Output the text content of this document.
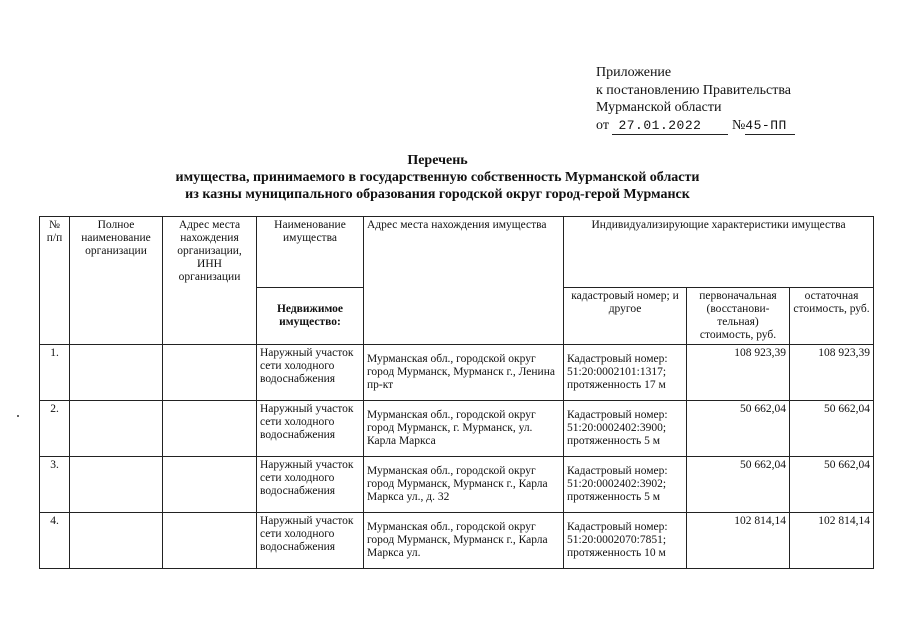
Приложение
к постановлению Правительства
Мурманской области
от 27.01.2022 №45-ПП
Перечень
имущества, принимаемого в государственную собственность Мурманской области
из казны муниципального образования городской округ город-герой Мурманск
№ п/п	Полное наименование организации	Адрес места нахождения организации, ИНН организации	Наименование имущества	Адрес места нахождения имущества	Индивидуализирующие характеристики имущества		
			Недвижимое имущество:		кадастровый номер; и другое	первоначальная (восстанови-тельная) стоимость, руб.	остаточная стоимость, руб.
1.			Наружный участок сети холодного водоснабжения	Мурманская обл., городской округ город Мурманск, Мурманск г., Ленина пр-кт	Кадастровый номер: 51:20:0002101:1317; протяженность 17 м	108 923,39	108 923,39
2.			Наружный участок сети холодного водоснабжения	Мурманская обл., городской округ город Мурманск, г. Мурманск, ул. Карла Маркса	Кадастровый номер: 51:20:0002402:3900; протяженность 5 м	50 662,04	50 662,04
3.			Наружный участок сети холодного водоснабжения	Мурманская обл., городской округ город Мурманск, Мурманск г., Карла Маркса ул., д. 32	Кадастровый номер: 51:20:0002402:3902; протяженность 5 м	50 662,04	50 662,04
4.			Наружный участок сети холодного водоснабжения	Мурманская обл., городской округ город Мурманск, Мурманск г., Карла Маркса ул.	Кадастровый номер: 51:20:0002070:7851; протяженность 10 м	102 814,14	102 814,14
